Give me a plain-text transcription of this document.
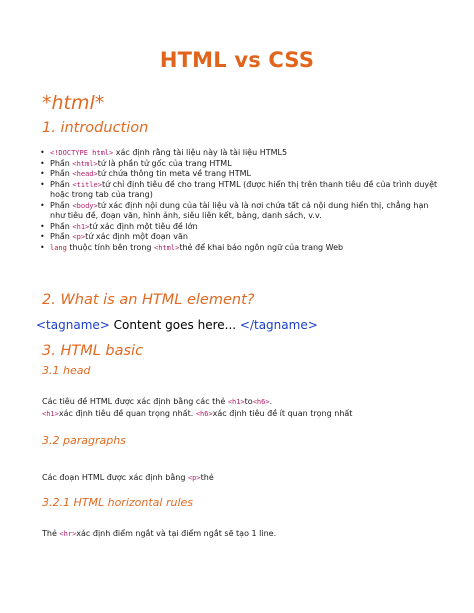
HTML vs CSS
*html*
1. introduction
• <!DOCTYPE html> xác định rằng tài liệu này là tài liệu HTML5
• Phần <html>tứ là phần tử gốc của trang HTML
• Phần <head>tứ chứa thông tin meta về trang HTML
• Phần <title>tứ chỉ định tiêu đề cho trang HTML (được hiển thị trên thanh tiêu đề của trình duyệt hoặc trong tab của trang)
• Phần <body>tứ xác định nội dung của tài liệu và là nơi chứa tất cả nội dung hiển thị, chẳng hạn như tiêu đề, đoạn văn, hình ảnh, siêu liên kết, bảng, danh sách, v.v.
• Phần <h1>tứ xác định một tiêu đề lớn
• Phần <p>tứ xác định một đoạn văn
• lang thuộc tính bên trong <html>thẻ để khai báo ngôn ngữ của trang Web
2. What is an HTML element?
<tagname> Content goes here... </tagname>
3. HTML basic
3.1 head
Các tiêu đề HTML được xác định bằng các thẻ <h1>to<h6>.
<h1>xác định tiêu đề quan trọng nhất. <h6>xác định tiêu đề ít quan trọng nhất
3.2 paragraphs
Các đoạn HTML được xác định bằng <p>thẻ
3.2.1 HTML horizontal rules
Thẻ <hr>xác định điểm ngắt và tại điểm ngắt sẽ tạo 1 line.
